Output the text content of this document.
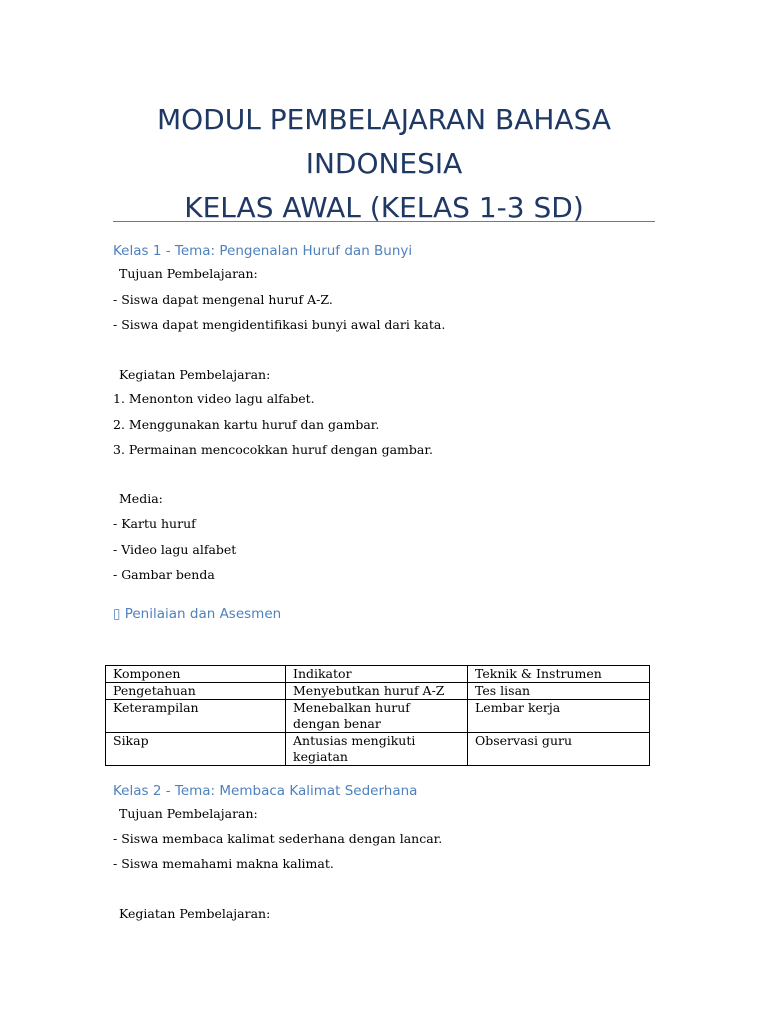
MODUL PEMBELAJARAN BAHASA
INDONESIA
KELAS AWAL (KELAS 1-3 SD)
Kelas 1 - Tema: Pengenalan Huruf dan Bunyi
Tujuan Pembelajaran:
- Siswa dapat mengenal huruf A-Z.
- Siswa dapat mengidentifikasi bunyi awal dari kata.
Kegiatan Pembelajaran:
1. Menonton video lagu alfabet.
2. Menggunakan kartu huruf dan gambar.
3. Permainan mencocokkan huruf dengan gambar.
Media:
- Kartu huruf
- Video lagu alfabet
- Gambar benda
▯ Penilaian dan Asesmen
Komponen	Indikator	Teknik & Instrumen
Pengetahuan	Menyebutkan huruf A-Z	Tes lisan
Keterampilan	Menebalkan huruf dengan benar	Lembar kerja
Sikap	Antusias mengikuti kegiatan	Observasi guru
Kelas 2 - Tema: Membaca Kalimat Sederhana
Tujuan Pembelajaran:
- Siswa membaca kalimat sederhana dengan lancar.
- Siswa memahami makna kalimat.
Kegiatan Pembelajaran:
